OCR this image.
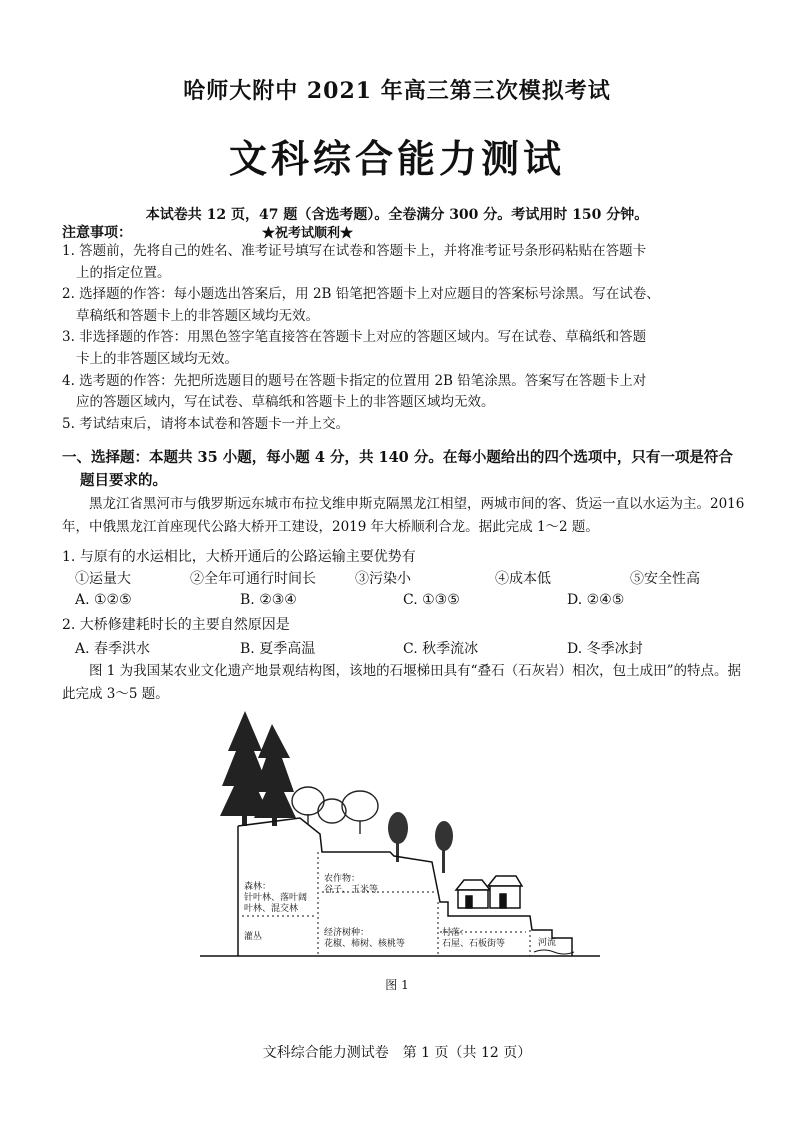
哈师大附中 2021 年高三第三次模拟考试
文科综合能力测试
本试卷共 12 页，47 题（含选考题）。全卷满分 300 分。考试用时 150 分钟。
注意事项：	★祝考试顺利★
1. 答题前，先将自己的姓名、准考证号填写在试卷和答题卡上，并将准考证号条形码粘贴在答题卡
上的指定位置。
2. 选择题的作答：每小题选出答案后，用 2B 铅笔把答题卡上对应题目的答案标号涂黑。写在试卷、
草稿纸和答题卡上的非答题区域均无效。
3. 非选择题的作答：用黑色签字笔直接答在答题卡上对应的答题区域内。写在试卷、草稿纸和答题
卡上的非答题区域均无效。
4. 选考题的作答：先把所选题目的题号在答题卡指定的位置用 2B 铅笔涂黑。答案写在答题卡上对
应的答题区域内，写在试卷、草稿纸和答题卡上的非答题区域均无效。
5. 考试结束后，请将本试卷和答题卡一并上交。
一、选择题：本题共 35 小题，每小题 4 分，共 140 分。在每小题给出的四个选项中，只有一项是符合
题目要求的。
黑龙江省黑河市与俄罗斯远东城市布拉戈维申斯克隔黑龙江相望，两城市间的客、货运一直以水运为主。2016 年，中俄黑龙江首座现代公路大桥开工建设，2019 年大桥顺利合龙。据此完成 1～2 题。
1. 与原有的水运相比，大桥开通后的公路运输主要优势有
①运量大	②全年可通行时间长	③污染小	④成本低	⑤安全性高
A. ①②⑤	B. ②③④	C. ①③⑤	D. ②④⑤
2. 大桥修建耗时长的主要自然原因是
A. 春季洪水	B. 夏季高温	C. 秋季流冰	D. 冬季冰封
图 1 为我国某农业文化遗产地景观结构图，该地的石堰梯田具有“叠石（石灰岩）相次，包土成田”的特点。据此完成 3～5 题。
森林：
针叶林、落叶阔
叶林、混交林
灌丛
农作物：
谷子、玉米等
经济树种：
花椒、柿树、核桃等
村落：
石屋、石板街等	河流
图 1
文科综合能力测试卷　第 1 页（共 12 页）
